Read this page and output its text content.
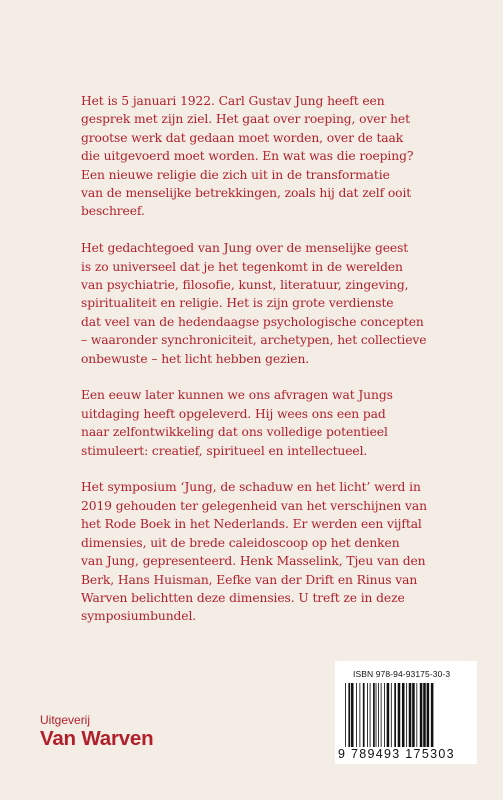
Het is 5 januari 1922. Carl Gustav Jung heeft een
gesprek met zijn ziel. Het gaat over roeping, over het
grootse werk dat gedaan moet worden, over de taak
die uitgevoerd moet worden. En wat was die roeping?
Een nieuwe religie die zich uit in de transformatie
van de menselijke betrekkingen, zoals hij dat zelf ooit
beschreef.

Het gedachtegoed van Jung over de menselijke geest
is zo universeel dat je het tegenkomt in de werelden
van psychiatrie, filosofie, kunst, literatuur, zingeving,
spiritualiteit en religie. Het is zijn grote verdienste
dat veel van de hedendaagse psychologische concepten
– waaronder synchroniciteit, archetypen, het collectieve
onbewuste – het licht hebben gezien.

Een eeuw later kunnen we ons afvragen wat Jungs
uitdaging heeft opgeleverd. Hij wees ons een pad
naar zelfontwikkeling dat ons volledige potentieel
stimuleert: creatief, spiritueel en intellectueel.

Het symposium ‘Jung, de schaduw en het licht’ werd in
2019 gehouden ter gelegenheid van het verschijnen van
het Rode Boek in het Nederlands. Er werden een vijftal
dimensies, uit de brede caleidoscoop op het denken
van Jung, gepresenteerd. Henk Masselink, Tjeu van den
Berk, Hans Huisman, Eefke van der Drift en Rinus van
Warven belichtten deze dimensies. U treft ze in deze
symposiumbundel.

Uitgeverij
Van Warven
ISBN 978-94-93175-30-3
9 789493 175303
